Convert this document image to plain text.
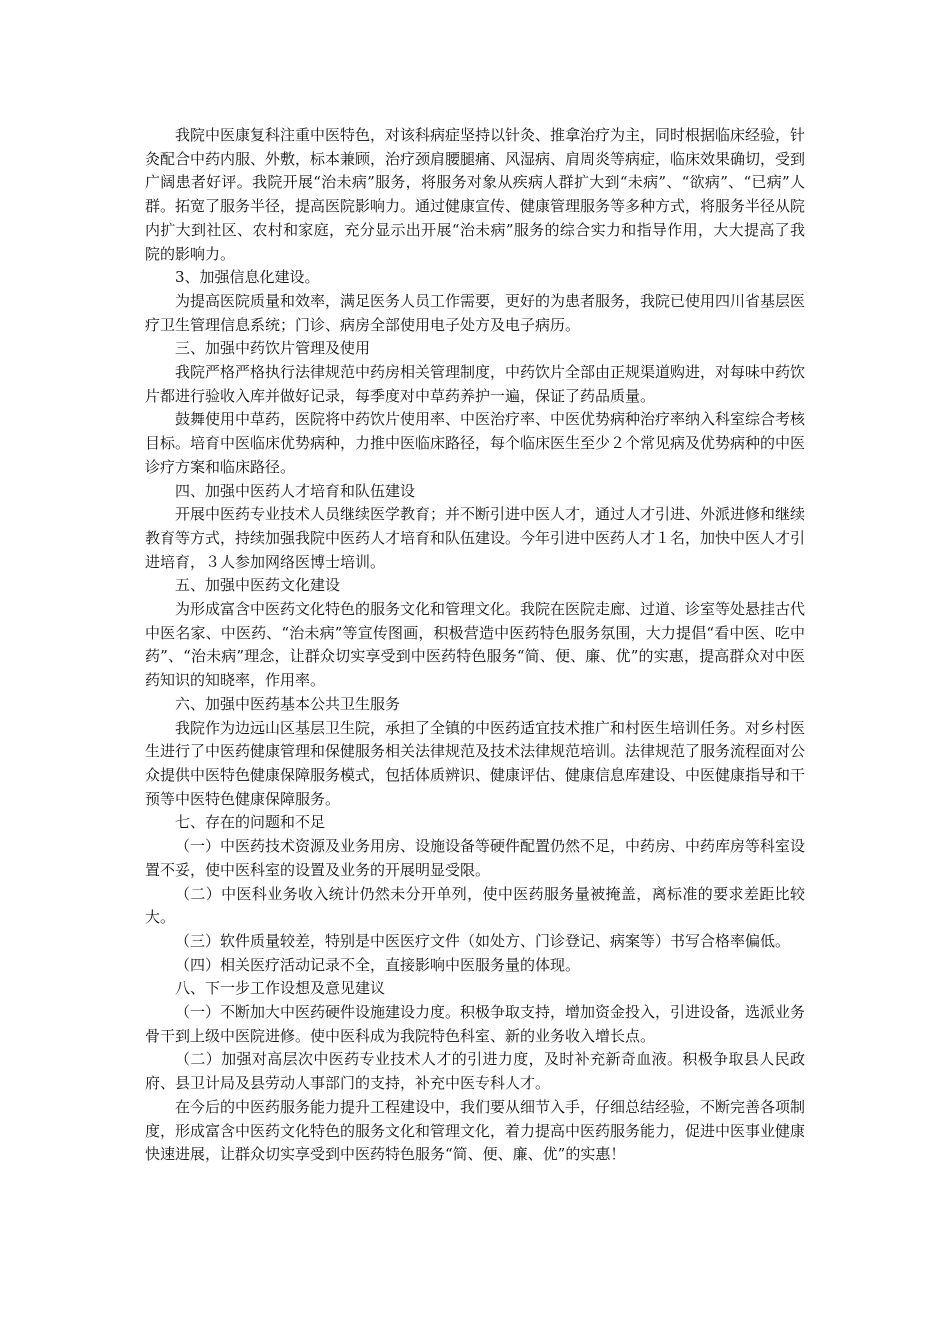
我院中医康复科注重中医特色，对该科病症坚持以针灸、推拿治疗为主，同时根据临床经验，针灸配合中药内服、外敷，标本兼顾，治疗颈肩腰腿痛、风湿病、肩周炎等病症，临床效果确切，受到广阔患者好评。我院开展“治未病”服务，将服务对象从疾病人群扩大到“未病”、“欲病”、“已病”人群。拓宽了服务半径，提高医院影响力。通过健康宣传、健康管理服务等多种方式，将服务半径从院内扩大到社区、农村和家庭，充分显示出开展“治未病”服务的综合实力和指导作用，大大提高了我院的影响力。

3、加强信息化建设。

为提高医院质量和效率，满足医务人员工作需要，更好的为患者服务，我院已使用四川省基层医疗卫生管理信息系统；门诊、病房全部使用电子处方及电子病历。

三、加强中药饮片管理及使用

我院严格严格执行法律规范中药房相关管理制度，中药饮片全部由正规渠道购进，对每味中药饮片都进行验收入库并做好记录，每季度对中草药养护一遍，保证了药品质量。

鼓舞使用中草药，医院将中药饮片使用率、中医治疗率、中医优势病种治疗率纳入科室综合考核目标。培育中医临床优势病种，力推中医临床路径，每个临床医生至少２个常见病及优势病种的中医诊疗方案和临床路径。

四、加强中医药人才培育和队伍建设

开展中医药专业技术人员继续医学教育；并不断引进中医人才，通过人才引进、外派进修和继续教育等方式，持续加强我院中医药人才培育和队伍建设。今年引进中医药人才１名，加快中医人才引进培育，３人参加网络医博士培训。

五、加强中医药文化建设

为形成富含中医药文化特色的服务文化和管理文化。我院在医院走廊、过道、诊室等处悬挂古代中医名家、中医药、“治未病”等宣传图画，积极营造中医药特色服务氛围，大力提倡“看中医、吃中药”、“治未病”理念，让群众切实享受到中医药特色服务“简、便、廉、优”的实惠，提高群众对中医药知识的知晓率，作用率。

六、加强中医药基本公共卫生服务

我院作为边远山区基层卫生院，承担了全镇的中医药适宜技术推广和村医生培训任务。对乡村医生进行了中医药健康管理和保健服务相关法律规范及技术法律规范培训。法律规范了服务流程面对公众提供中医特色健康保障服务模式，包括体质辨识、健康评估、健康信息库建设、中医健康指导和干预等中医特色健康保障服务。

七、存在的问题和不足

（一）中医药技术资源及业务用房、设施设备等硬件配置仍然不足，中药房、中药库房等科室设置不妥，使中医科室的设置及业务的开展明显受限。

（二）中医科业务收入统计仍然未分开单列，使中医药服务量被掩盖，离标准的要求差距比较大。

（三）软件质量较差，特别是中医医疗文件（如处方、门诊登记、病案等）书写合格率偏低。

（四）相关医疗活动记录不全，直接影响中医服务量的体现。

八、下一步工作设想及意见建议

（一）不断加大中医药硬件设施建设力度。积极争取支持，增加资金投入，引进设备，选派业务骨干到上级中医院进修。使中医科成为我院特色科室、新的业务收入增长点。

（二）加强对高层次中医药专业技术人才的引进力度，及时补充新奇血液。积极争取县人民政府、县卫计局及县劳动人事部门的支持，补充中医专科人才。

在今后的中医药服务能力提升工程建设中，我们要从细节入手，仔细总结经验，不断完善各项制度，形成富含中医药文化特色的服务文化和管理文化，着力提高中医药服务能力，促进中医事业健康快速进展，让群众切实享受到中医药特色服务“简、便、廉、优”的实惠！
